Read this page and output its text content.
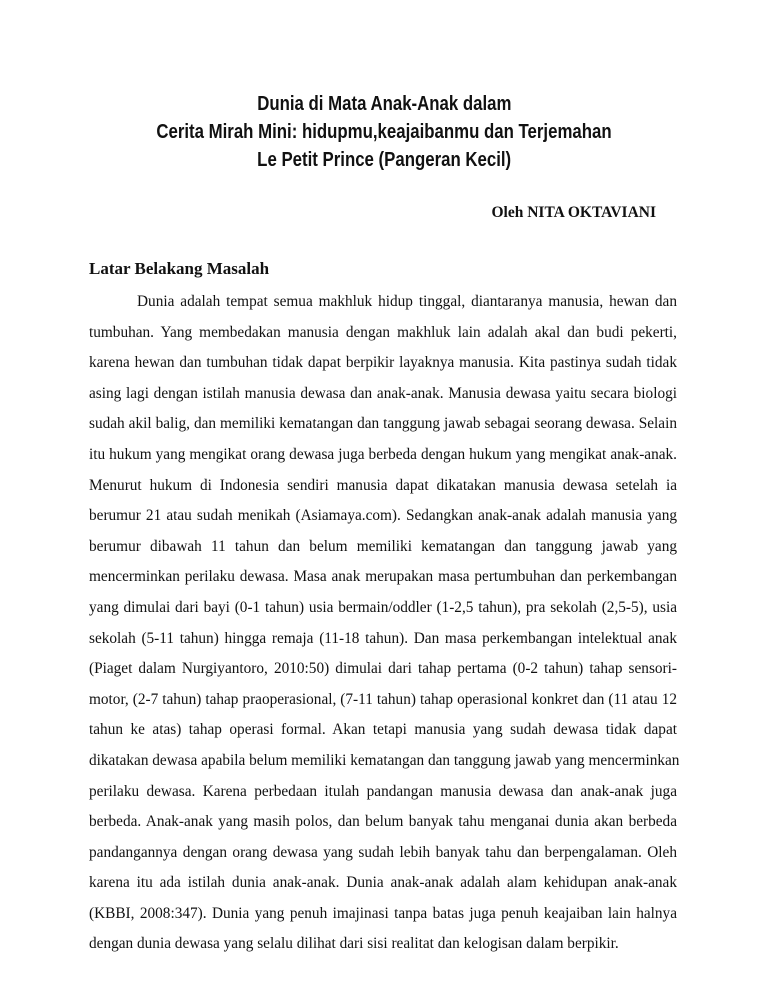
Dunia di Mata Anak-Anak dalam
Cerita Mirah Mini: hidupmu,keajaibanmu dan Terjemahan
Le Petit Prince (Pangeran Kecil)
Oleh NITA OKTAVIANI
Latar Belakang Masalah
Dunia adalah tempat semua makhluk hidup tinggal, diantaranya manusia, hewan dan
tumbuhan. Yang membedakan manusia dengan makhluk lain adalah akal dan budi pekerti,
karena hewan dan tumbuhan tidak dapat berpikir layaknya manusia. Kita pastinya sudah tidak
asing lagi dengan istilah manusia dewasa dan anak-anak. Manusia dewasa yaitu secara biologi
sudah akil balig, dan memiliki kematangan dan tanggung jawab sebagai seorang dewasa. Selain
itu hukum yang mengikat orang dewasa juga berbeda dengan hukum yang mengikat anak-anak.
Menurut hukum di Indonesia sendiri manusia dapat dikatakan manusia dewasa setelah ia
berumur 21 atau sudah menikah (Asiamaya.com). Sedangkan anak-anak adalah manusia yang
berumur dibawah 11 tahun dan belum memiliki kematangan dan tanggung jawab yang
mencerminkan perilaku dewasa. Masa anak merupakan masa pertumbuhan dan perkembangan
yang dimulai dari bayi (0-1 tahun) usia bermain/oddler (1-2,5 tahun), pra sekolah (2,5-5), usia
sekolah (5-11 tahun) hingga remaja (11-18 tahun). Dan masa perkembangan intelektual anak
(Piaget dalam Nurgiyantoro, 2010:50) dimulai dari tahap pertama (0-2 tahun) tahap sensori-
motor, (2-7 tahun) tahap praoperasional, (7-11 tahun) tahap operasional konkret dan (11 atau 12
tahun ke atas) tahap operasi formal. Akan tetapi manusia yang sudah dewasa tidak dapat
dikatakan dewasa apabila belum memiliki kematangan dan tanggung jawab yang mencerminkan
perilaku dewasa. Karena perbedaan itulah pandangan manusia dewasa dan anak-anak juga
berbeda. Anak-anak yang masih polos, dan belum banyak tahu menganai dunia akan berbeda
pandangannya dengan orang dewasa yang sudah lebih banyak tahu dan berpengalaman. Oleh
karena itu ada istilah dunia anak-anak. Dunia anak-anak adalah alam kehidupan anak-anak
(KBBI, 2008:347). Dunia yang penuh imajinasi tanpa batas juga penuh keajaiban lain halnya
dengan dunia dewasa yang selalu dilihat dari sisi realitat dan kelogisan dalam berpikir.
